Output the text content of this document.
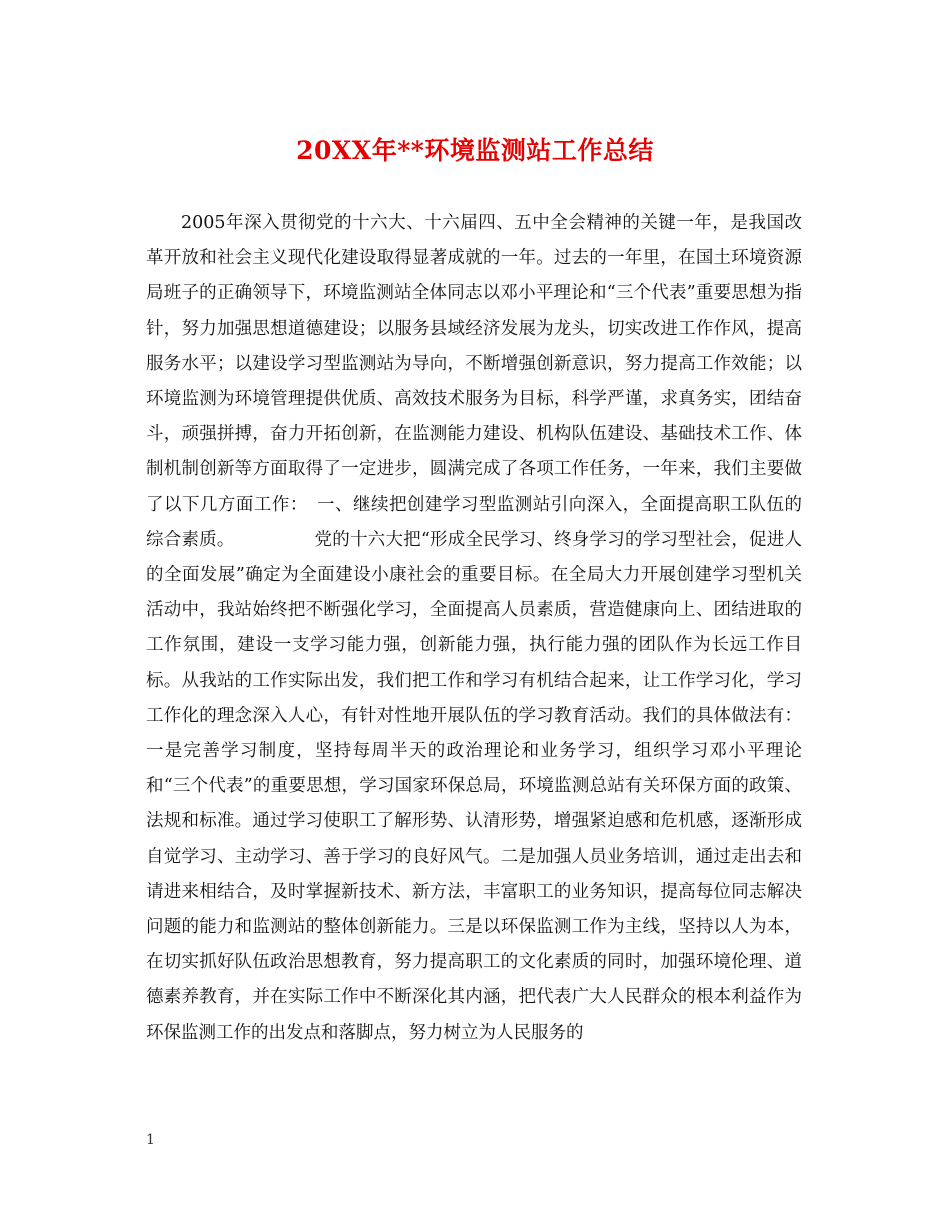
20XX年**环境监测站工作总结

2005年深入贯彻党的十六大、十六届四、五中全会精神的关键一年，是我国改革开放和社会主义现代化建设取得显著成就的一年。过去的一年里，在国土环境资源局班子的正确领导下，环境监测站全体同志以邓小平理论和“三个代表”重要思想为指针，努力加强思想道德建设；以服务县域经济发展为龙头，切实改进工作作风，提高服务水平；以建设学习型监测站为导向，不断增强创新意识，努力提高工作效能；以环境监测为环境管理提供优质、高效技术服务为目标，科学严谨，求真务实，团结奋斗，顽强拼搏，奋力开拓创新，在监测能力建设、机构队伍建设、基础技术工作、体制机制创新等方面取得了一定进步，圆满完成了各项工作任务，一年来，我们主要做了以下几方面工作：　一、继续把创建学习型监测站引向深入，全面提高职工队伍的综合素质。　　　　　党的十六大把“形成全民学习、终身学习的学习型社会，促进人的全面发展”确定为全面建设小康社会的重要目标。在全局大力开展创建学习型机关活动中，我站始终把不断强化学习，全面提高人员素质，营造健康向上、团结进取的工作氛围，建设一支学习能力强，创新能力强，执行能力强的团队作为长远工作目标。从我站的工作实际出发，我们把工作和学习有机结合起来，让工作学习化，学习工作化的理念深入人心，有针对性地开展队伍的学习教育活动。我们的具体做法有：一是完善学习制度，坚持每周半天的政治理论和业务学习，组织学习邓小平理论和“三个代表”的重要思想，学习国家环保总局，环境监测总站有关环保方面的政策、法规和标准。通过学习使职工了解形势、认清形势，增强紧迫感和危机感，逐渐形成自觉学习、主动学习、善于学习的良好风气。二是加强人员业务培训，通过走出去和请进来相结合，及时掌握新技术、新方法，丰富职工的业务知识，提高每位同志解决问题的能力和监测站的整体创新能力。三是以环保监测工作为主线，坚持以人为本，在切实抓好队伍政治思想教育，努力提高职工的文化素质的同时，加强环境伦理、道德素养教育，并在实际工作中不断深化其内涵，把代表广大人民群众的根本利益作为环保监测工作的出发点和落脚点，努力树立为人民服务的

1
